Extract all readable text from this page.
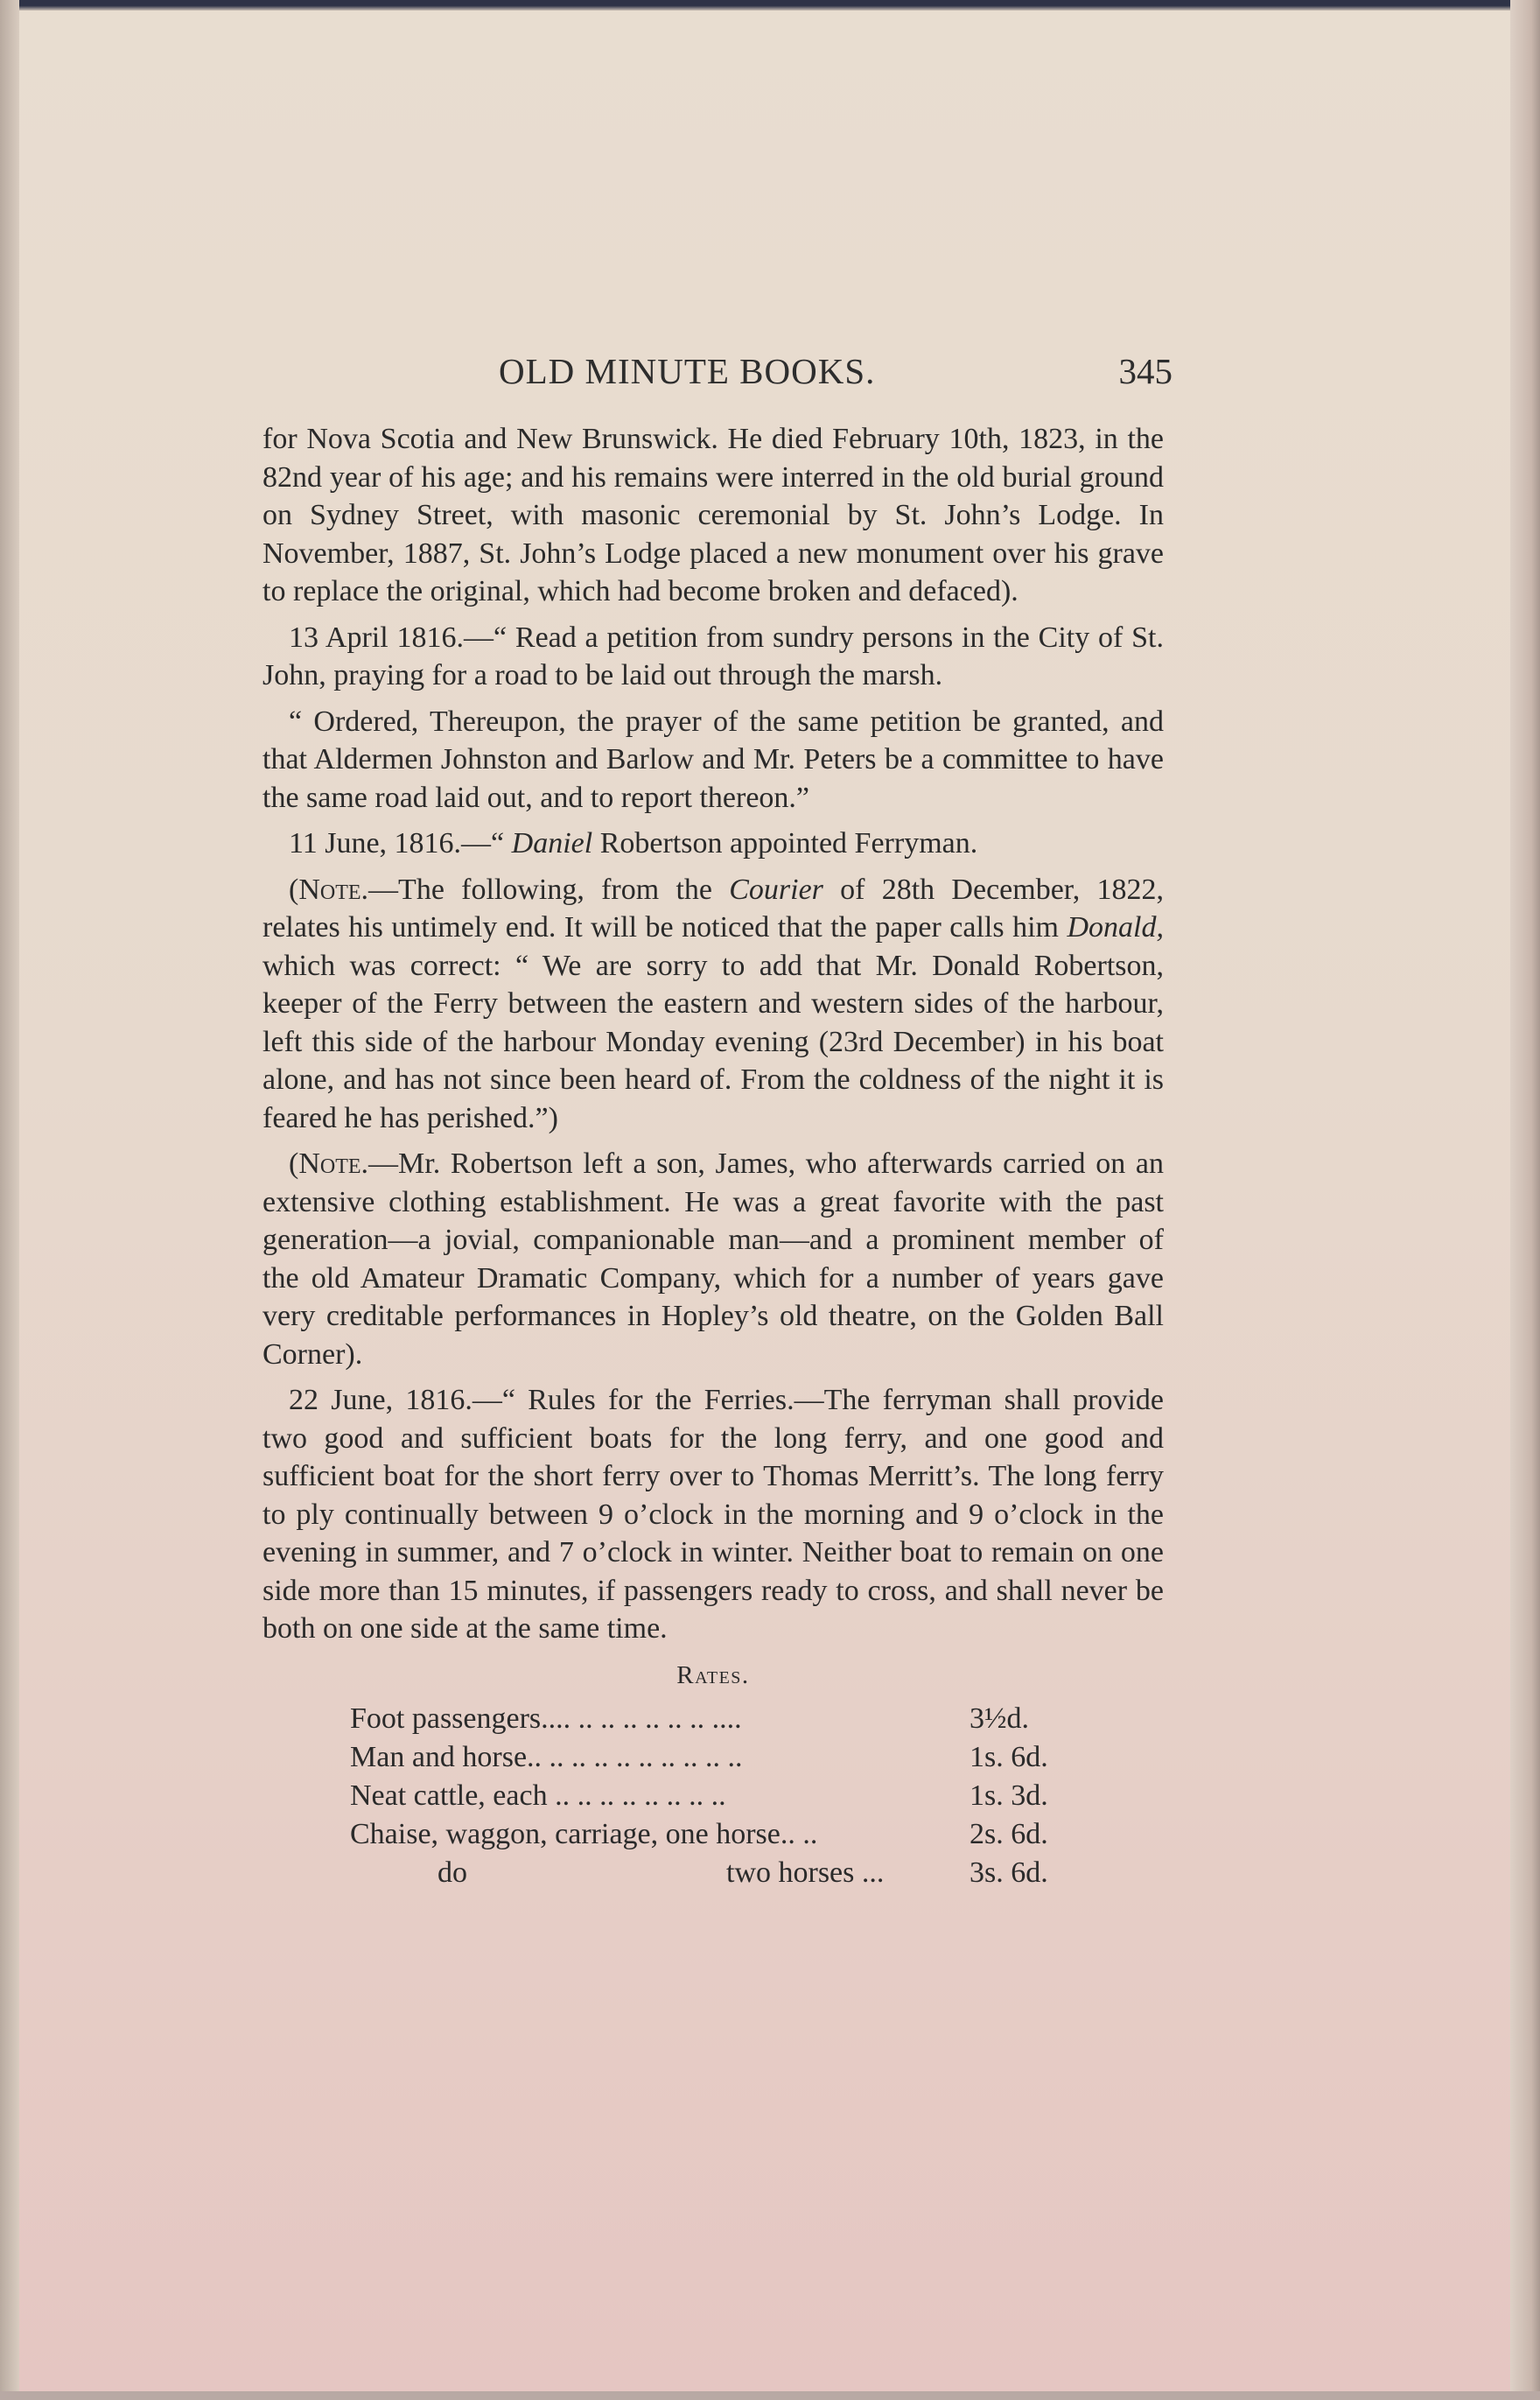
OLD MINUTE BOOKS.	345

for Nova Scotia and New Brunswick. He died February 10th, 1823, in the 82nd year of his age; and his remains were interred in the old burial ground on Sydney Street, with masonic ceremonial by St. John’s Lodge. In November, 1887, St. John’s Lodge placed a new monument over his grave to replace the original, which had become broken and defaced).

13 April 1816.—“ Read a petition from sundry persons in the City of St. John, praying for a road to be laid out through the marsh.

“ Ordered, Thereupon, the prayer of the same petition be granted, and that Aldermen Johnston and Barlow and Mr. Peters be a committee to have the same road laid out, and to report thereon.”

11 June, 1816.—“ Daniel Robertson appointed Ferryman.

(Note.—The following, from the Courier of 28th December, 1822, relates his untimely end. It will be noticed that the paper calls him Donald, which was correct: “ We are sorry to add that Mr. Donald Robertson, keeper of the Ferry between the eastern and western sides of the harbour, left this side of the harbour Monday evening (23rd December) in his boat alone, and has not since been heard of. From the coldness of the night it is feared he has perished.”)

(Note.—Mr. Robertson left a son, James, who afterwards carried on an extensive clothing establishment. He was a great favorite with the past generation—a jovial, companionable man—and a prominent member of the old Amateur Dramatic Company, which for a number of years gave very creditable performances in Hopley’s old theatre, on the Golden Ball Corner).

22 June, 1816.—“ Rules for the Ferries.—The ferryman shall provide two good and sufficient boats for the long ferry, and one good and sufficient boat for the short ferry over to Thomas Merritt’s. The long ferry to ply continually between 9 o’clock in the morning and 9 o’clock in the evening in summer, and 7 o’clock in winter. Neither boat to remain on one side more than 15 minutes, if passengers ready to cross, and shall never be both on one side at the same time.

Rates.
Foot passengers.... .. .. .. .. .. .. ....	3½d.
Man and horse.. .. .. .. .. .. .. .. .. ..	1s. 6d.
Neat cattle, each .. .. .. .. .. .. .. ..	1s. 3d.
Chaise, waggon, carriage, one horse.. ..	2s. 6d.
do	two horses ...	3s. 6d.
